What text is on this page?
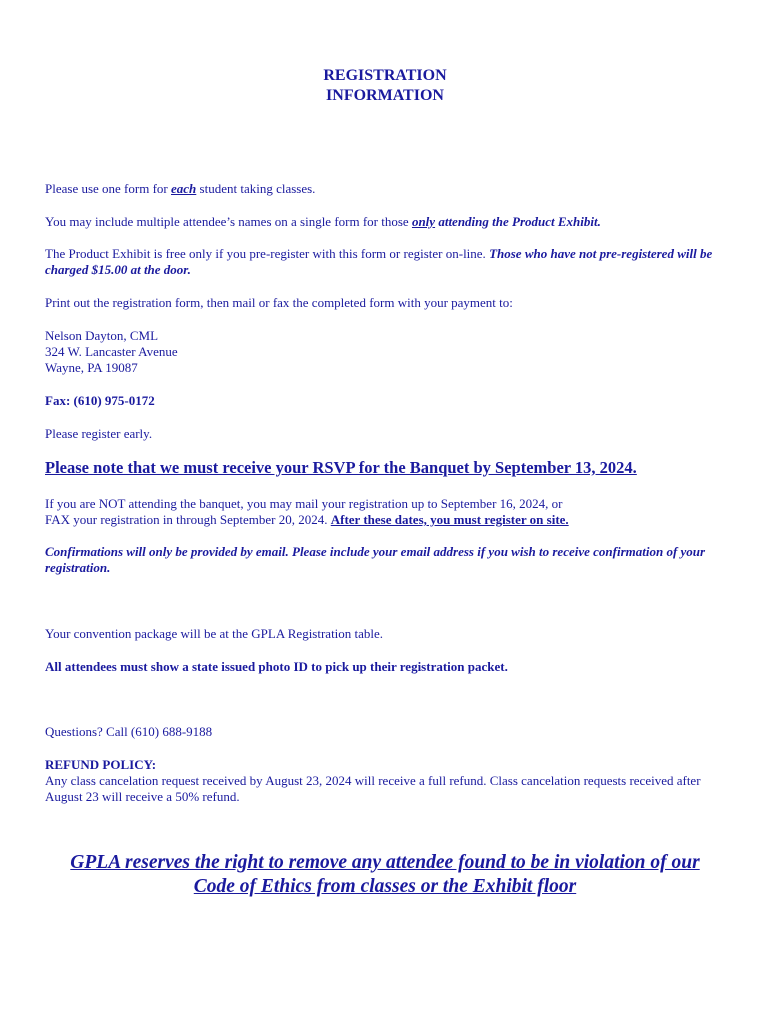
REGISTRATION
INFORMATION

Please use one form for each student taking classes.

You may include multiple attendee’s names on a single form for those only attending the Product Exhibit.

The Product Exhibit is free only if you pre-register with this form or register on-line. Those who have not pre-registered will be charged $15.00 at the door.

Print out the registration form, then mail or fax the completed form with your payment to:

Nelson Dayton, CML

324 W. Lancaster Avenue

Wayne, PA 19087

Fax: (610) 975-0172

Please register early.

Please note that we must receive your RSVP for the Banquet by September 13, 2024.

If you are NOT attending the banquet, you may mail your registration up to September 16, 2024, or

FAX your registration in through September 20, 2024. After these dates, you must register on site.

Confirmations will only be provided by email. Please include your email address if you wish to receive confirmation of your registration.

Your convention package will be at the GPLA Registration table.

All attendees must show a state issued photo ID to pick up their registration packet.

Questions? Call (610) 688-9188

REFUND POLICY:

Any class cancelation request received by August 23, 2024 will receive a full refund. Class cancelation requests received after August 23 will receive a 50% refund.

GPLA reserves the right to remove any attendee found to be in violation of our
Code of Ethics from classes or the Exhibit floor
